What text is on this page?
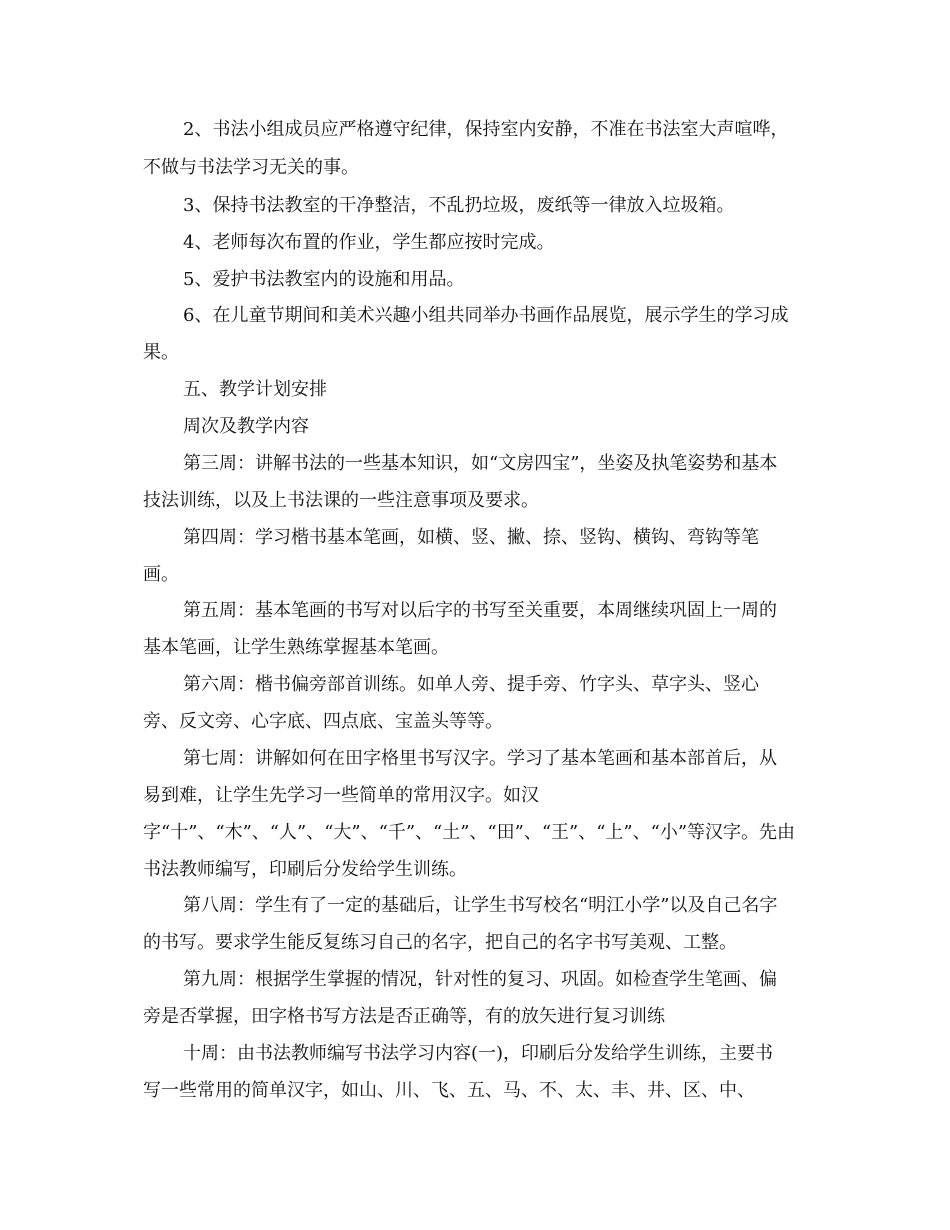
2、书法小组成员应严格遵守纪律，保持室内安静，不准在书法室大声喧哗，
不做与书法学习无关的事。
3、保持书法教室的干净整洁，不乱扔垃圾，废纸等一律放入垃圾箱。
4、老师每次布置的作业，学生都应按时完成。
5、爱护书法教室内的设施和用品。
6、在儿童节期间和美术兴趣小组共同举办书画作品展览，展示学生的学习成
果。
五、教学计划安排
周次及教学内容
第三周：讲解书法的一些基本知识，如“文房四宝”，坐姿及执笔姿势和基本
技法训练，以及上书法课的一些注意事项及要求。
第四周：学习楷书基本笔画，如横、竖、撇、捺、竖钩、横钩、弯钩等笔
画。
第五周：基本笔画的书写对以后字的书写至关重要，本周继续巩固上一周的
基本笔画，让学生熟练掌握基本笔画。
第六周：楷书偏旁部首训练。如单人旁、提手旁、竹字头、草字头、竖心
旁、反文旁、心字底、四点底、宝盖头等等。
第七周：讲解如何在田字格里书写汉字。学习了基本笔画和基本部首后，从
易到难，让学生先学习一些简单的常用汉字。如汉
字“十”、“木”、“人”、“大”、“千”、“土”、“田”、“王”、“上”、“小”等汉字。先由
书法教师编写，印刷后分发给学生训练。
第八周：学生有了一定的基础后，让学生书写校名“明江小学”以及自己名字
的书写。要求学生能反复练习自己的名字，把自己的名字书写美观、工整。
第九周：根据学生掌握的情况，针对性的复习、巩固。如检查学生笔画、偏
旁是否掌握，田字格书写方法是否正确等，有的放矢进行复习训练
十周：由书法教师编写书法学习内容(一)，印刷后分发给学生训练，主要书
写一些常用的简单汉字，如山、川、飞、五、马、不、太、丰、井、区、中、
